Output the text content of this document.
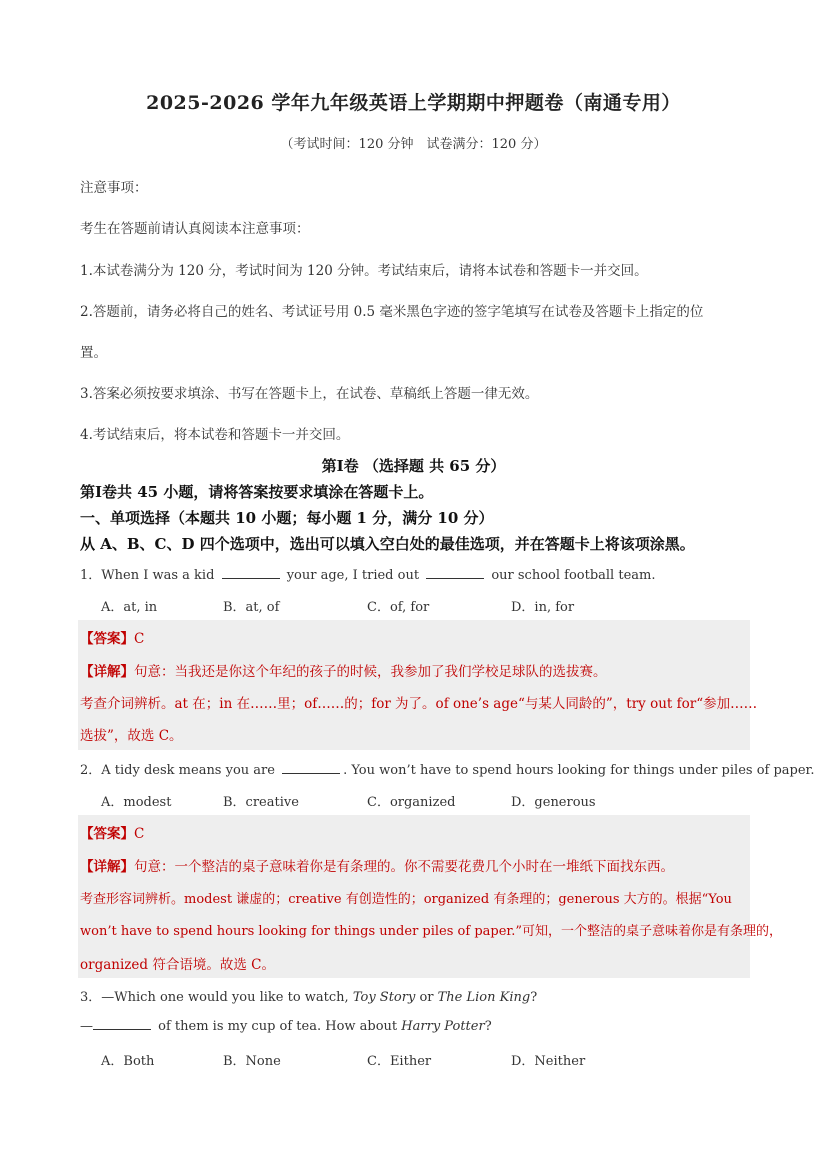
2025-2026 学年九年级英语上学期期中押题卷（南通专用）
（考试时间：120 分钟　试卷满分：120 分）
注意事项：
考生在答题前请认真阅读本注意事项：
1.本试卷满分为 120 分，考试时间为 120 分钟。考试结束后，请将本试卷和答题卡一并交回。
2.答题前，请务必将自己的姓名、考试证号用 0.5 毫米黑色字迹的签字笔填写在试卷及答题卡上指定的位
置。
3.答案必须按要求填涂、书写在答题卡上，在试卷、草稿纸上答题一律无效。
4.考试结束后，将本试卷和答题卡一并交回。
第Ⅰ卷 （选择题 共 65 分）
第Ⅰ卷共 45 小题，请将答案按要求填涂在答题卡上。
一、单项选择（本题共 10 小题；每小题 1 分，满分 10 分）
从 A、B、C、D 四个选项中，选出可以填入空白处的最佳选项，并在答题卡上将该项涂黑。
1．When I was a kid	your age, I tried out	our school football team.
A．at, in	B．at, of	C．of, for	D．in, for
【答案】C
【详解】句意：当我还是你这个年纪的孩子的时候，我参加了我们学校足球队的选拔赛。
考查介词辨析。at 在；in 在……里；of……的；for 为了。of one’s age“与某人同龄的”，try out for“参加……
选拔”，故选 C。
2．A tidy desk means you are	. You won’t have to spend hours looking for things under piles of paper.
A．modest	B．creative	C．organized	D．generous
【答案】C
【详解】句意：一个整洁的桌子意味着你是有条理的。你不需要花费几个小时在一堆纸下面找东西。
考查形容词辨析。modest 谦虚的；creative 有创造性的；organized 有条理的；generous 大方的。根据“You
won’t have to spend hours looking for things under piles of paper.”可知，一个整洁的桌子意味着你是有条理的，
organized 符合语境。故选 C。
3．—Which one would you like to watch, Toy Story or The Lion King?
—	of them is my cup of tea. How about Harry Potter?
A．Both	B．None	C．Either	D．Neither
